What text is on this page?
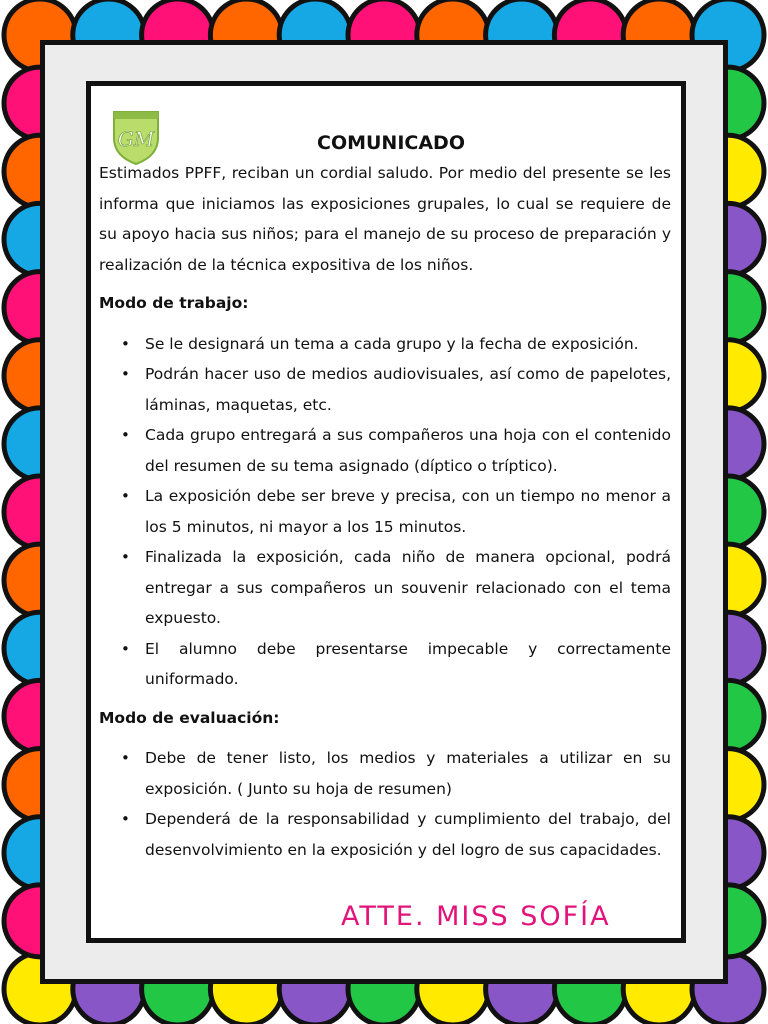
GM	COMUNICADO

Estimados PPFF, reciban un cordial saludo. Por medio del presente se les informa que iniciamos las exposiciones grupales, lo cual se requiere de su apoyo hacia sus niños; para el manejo de su proceso de preparación y realización de la técnica expositiva de los niños.

Modo de trabajo:
• Se le designará un tema a cada grupo y la fecha de exposición.
• Podrán hacer uso de medios audiovisuales, así como de papelotes, láminas, maquetas, etc.
• Cada grupo entregará a sus compañeros una hoja con el contenido del resumen de su tema asignado (díptico o tríptico).
• La exposición debe ser breve y precisa, con un tiempo no menor a los 5 minutos, ni mayor a los 15 minutos.
• Finalizada la exposición, cada niño de manera opcional, podrá entregar a sus compañeros un souvenir relacionado con el tema expuesto.
• El alumno debe presentarse impecable y correctamente uniformado.
Modo de evaluación:
• Debe de tener listo, los medios y materiales a utilizar en su exposición. ( Junto su hoja de resumen)
• Dependerá de la responsabilidad y cumplimiento del trabajo, del desenvolvimiento en la exposición y del logro de sus capacidades.
ATTE. MISS SOFÍA
